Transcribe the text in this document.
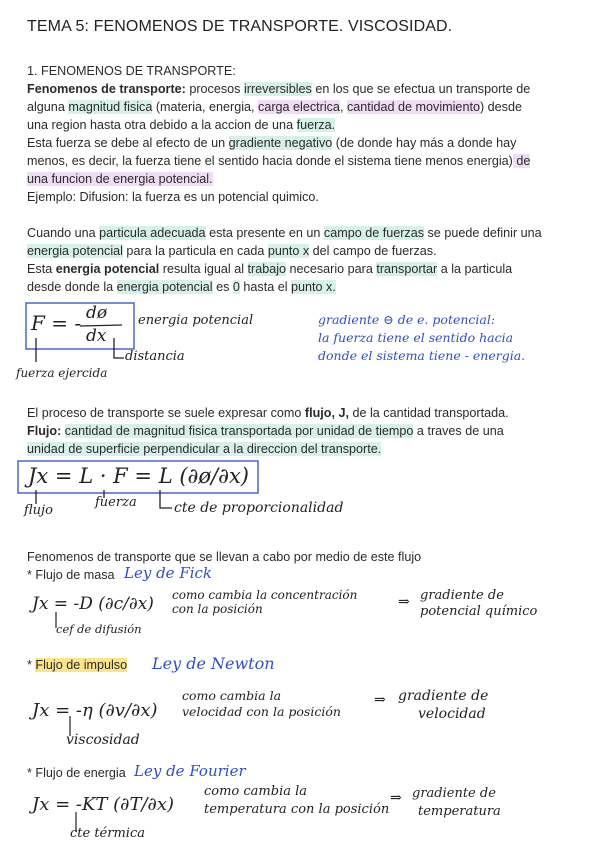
TEMA 5: FENOMENOS DE TRANSPORTE. VISCOSIDAD.
1. FENOMENOS DE TRANSPORTE:
Fenomenos de transporte: procesos irreversibles en los que se efectua un transporte de
alguna magnitud fisica (materia, energia, carga electrica, cantidad de movimiento) desde
una region hasta otra debido a la accion de una fuerza.
Esta fuerza se debe al efecto de un gradiente negativo (de donde hay más a donde hay
menos, es decir, la fuerza tiene el sentido hacia donde el sistema tiene menos energia) de
una funcion de energia potencial.
Ejemplo: Difusion: la fuerza es un potencial quimico.
Cuando una particula adecuada esta presente en un campo de fuerzas se puede definir una
energia potencial para la particula en cada punto x del campo de fuerzas.
Esta energia potencial resulta igual al trabajo necesario para transportar a la particula
desde donde la energia potencial es 0 hasta el punto x.
F = - dø
dx
energia potencial
distancia
fuerza ejercida
gradiente ⊖ de e. potencial:
la fuerza tiene el sentido hacia
donde el sistema tiene - energia.
El proceso de transporte se suele expresar como flujo, J, de la cantidad transportada.
Flujo: cantidad de magnitud fisica transportada por unidad de tiempo a traves de una
unidad de superficie perpendicular a la direccion del transporte.
Jx = L · F = L (∂ø/∂x)
flujo
fuerza	cte de proporcionalidad
Fenomenos de transporte que se llevan a cabo por medio de este flujo
* Flujo de masa Ley de Fick
Jx = -D (∂c/∂x) como cambia la concentración
con la posición	⇒ gradiente de
potencial químico
cef de difusión
* Flujo de impulso Ley de Newton
Jx = -η (∂v/∂x)
como cambia la
velocidad con la posición
⇒ gradiente de
velocidad
viscosidad
* Flujo de energia Ley de Fourier
Jx = -KT (∂T/∂x)
como cambia la
temperatura con la posición
⇒ gradiente de
temperatura
cte térmica
